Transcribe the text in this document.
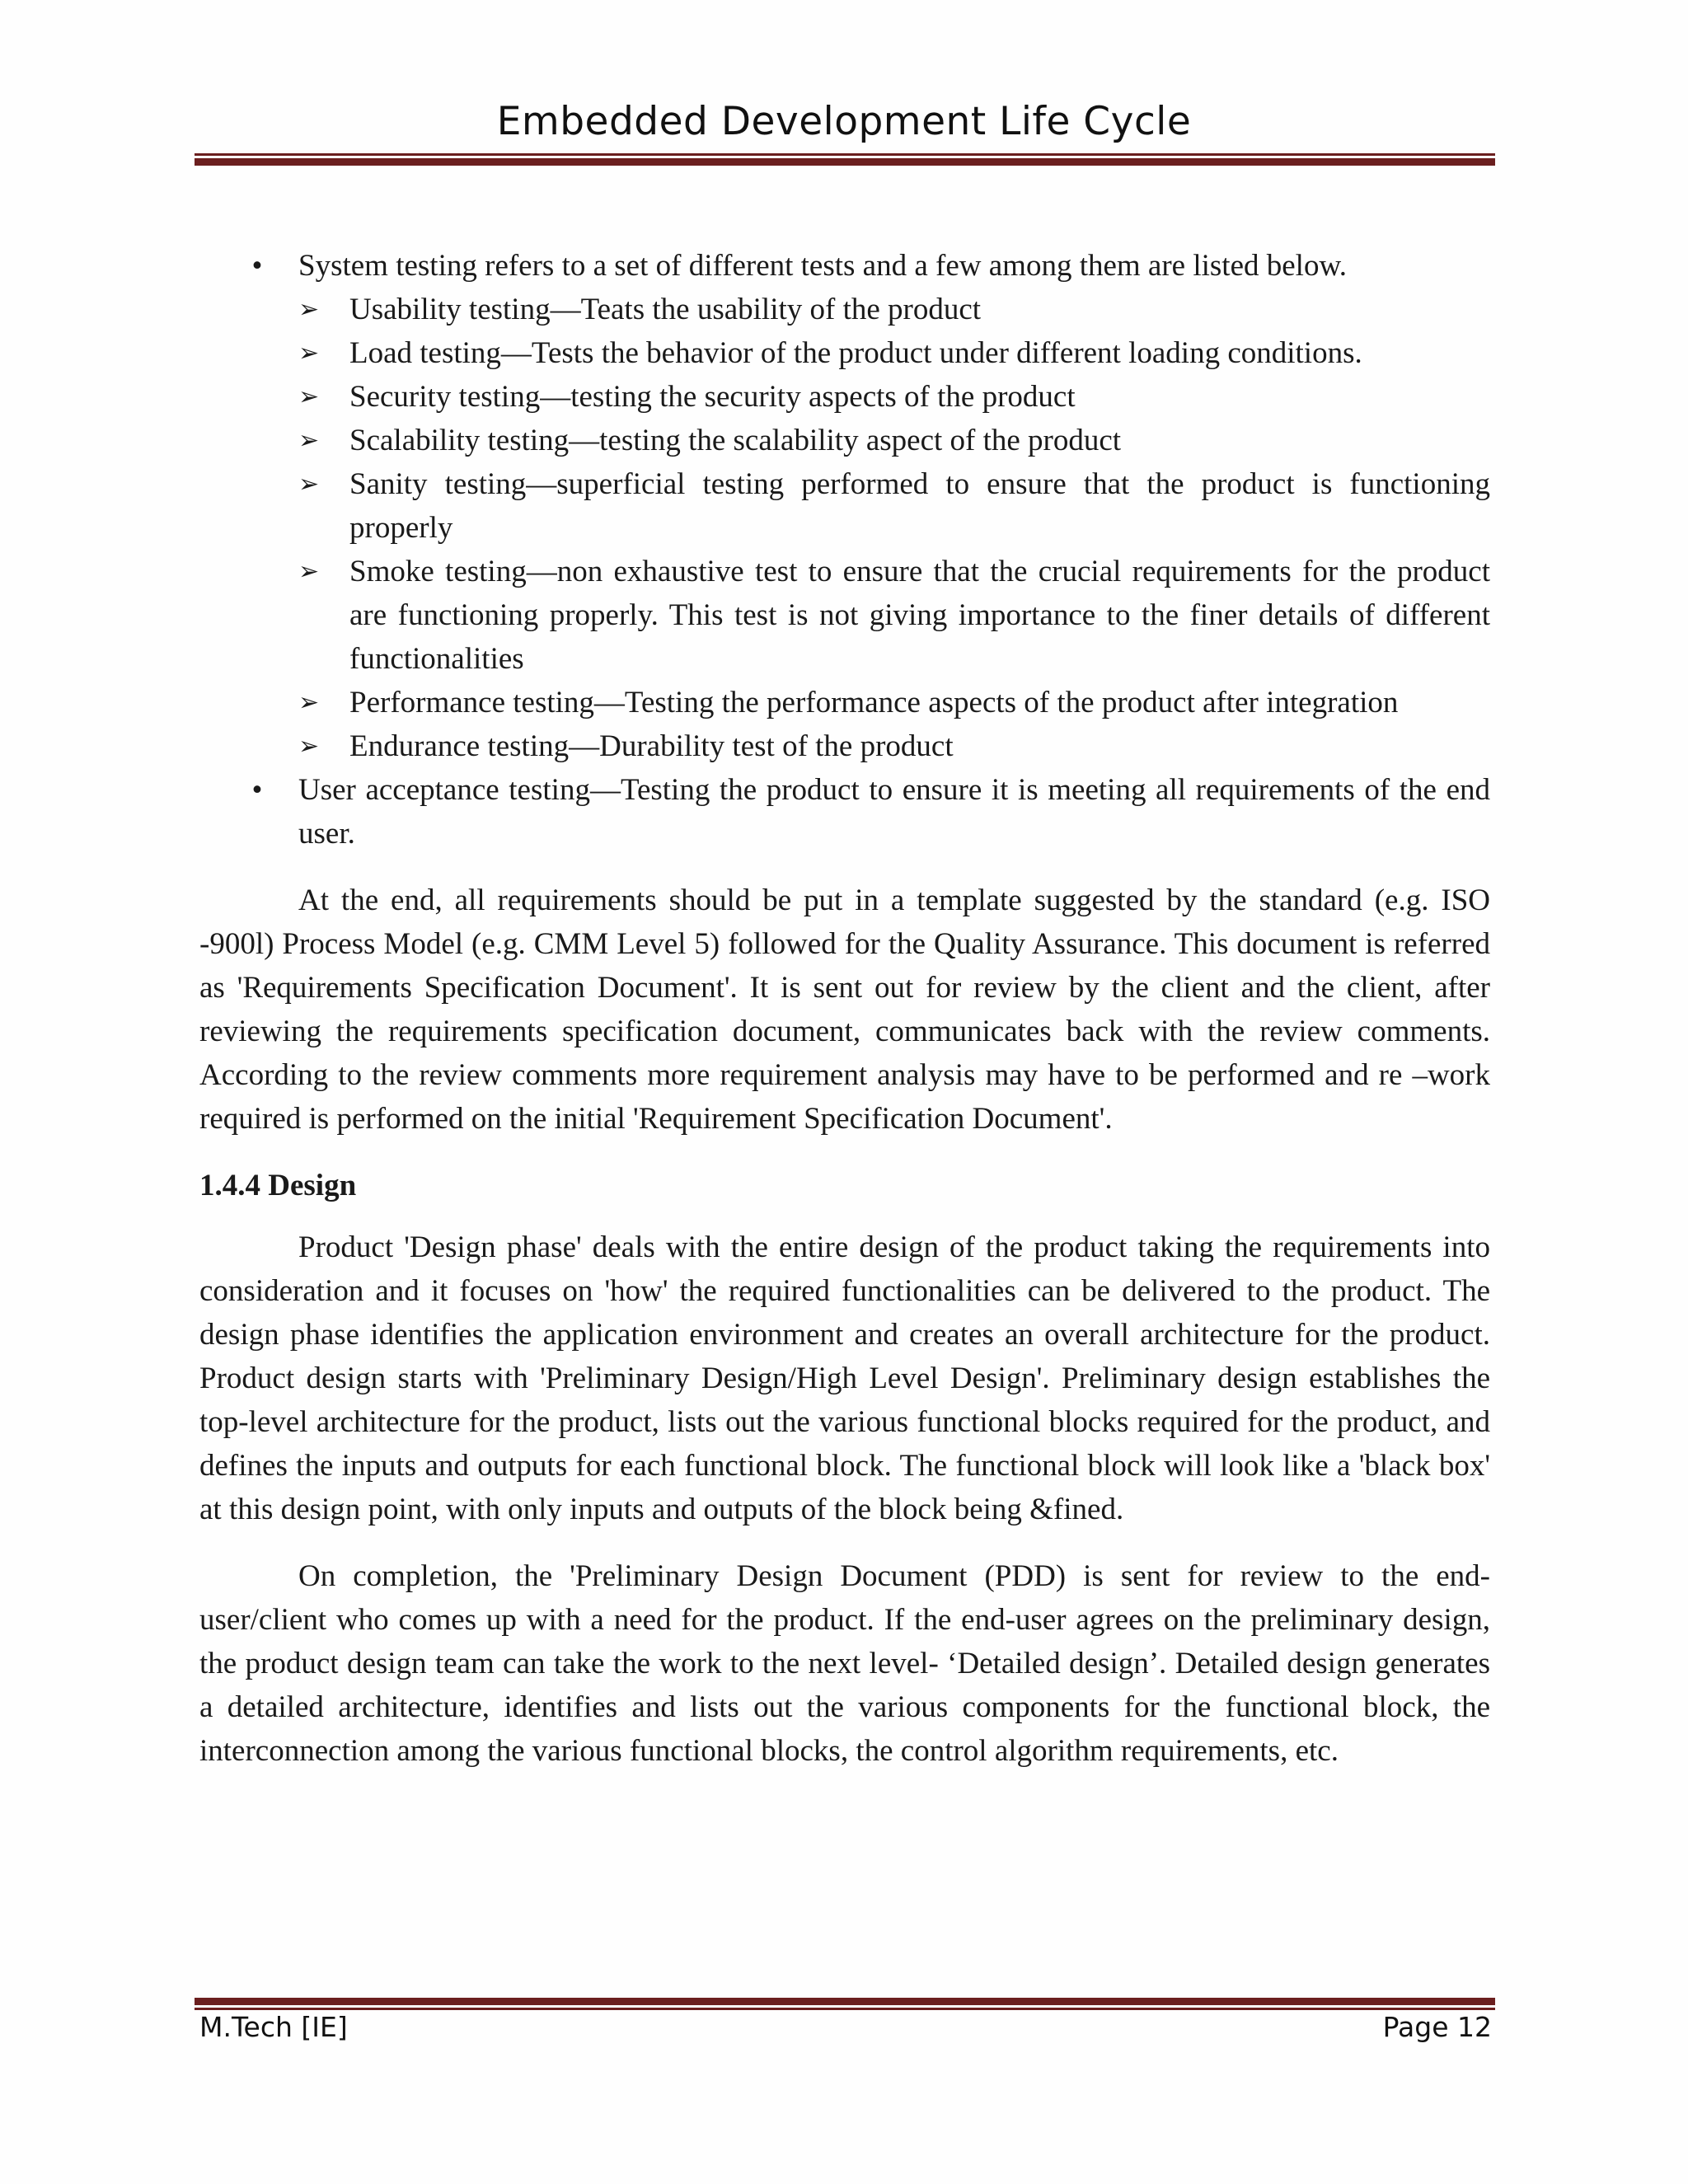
Embedded Development Life Cycle
• System testing refers to a set of different tests and a few among them are listed below.
➢ Usability testing—Teats the usability of the product
➢ Load testing—Tests the behavior of the product under different loading conditions.
➢ Security testing—testing the security aspects of the product
➢ Scalability testing—testing the scalability aspect of the product
➢ Sanity testing—superficial testing performed to ensure that the product is functioning properly
➢ Smoke testing—non exhaustive test to ensure that the crucial requirements for the product are functioning properly. This test is not giving importance to the finer details of different functionalities
➢ Performance testing—Testing the performance aspects of the product after integration
➢ Endurance testing—Durability test of the product
• User acceptance testing—Testing the product to ensure it is meeting all requirements of the end user.

At the end, all requirements should be put in a template suggested by the standard (e.g. ISO -900l) Process Model (e.g. CMM Level 5) followed for the Quality Assurance. This document is referred as 'Requirements Specification Document'. It is sent out for review by the client and the client, after reviewing the requirements specification document, communicates back with the review comments. According to the review comments more requirement analysis may have to be performed and re –work required is performed on the initial 'Requirement Specification Document'.

1.4.4 Design

Product 'Design phase' deals with the entire design of the product taking the requirements into consideration and it focuses on 'how' the required functionalities can be delivered to the product. The design phase identifies the application environment and creates an overall architecture for the product. Product design starts with 'Preliminary Design/High Level Design'. Preliminary design establishes the top-level architecture for the product, lists out the various functional blocks required for the product, and defines the inputs and outputs for each functional block. The functional block will look like a 'black box' at this design point, with only inputs and outputs of the block being &fined.

On completion, the 'Preliminary Design Document (PDD) is sent for review to the end-user/client who comes up with a need for the product. If the end-user agrees on the preliminary design, the product design team can take the work to the next level- ‘Detailed design’. Detailed design generates a detailed architecture, identifies and lists out the various components for the functional block, the interconnection among the various functional blocks, the control algorithm requirements, etc.

M.Tech [IE]	Page 12
